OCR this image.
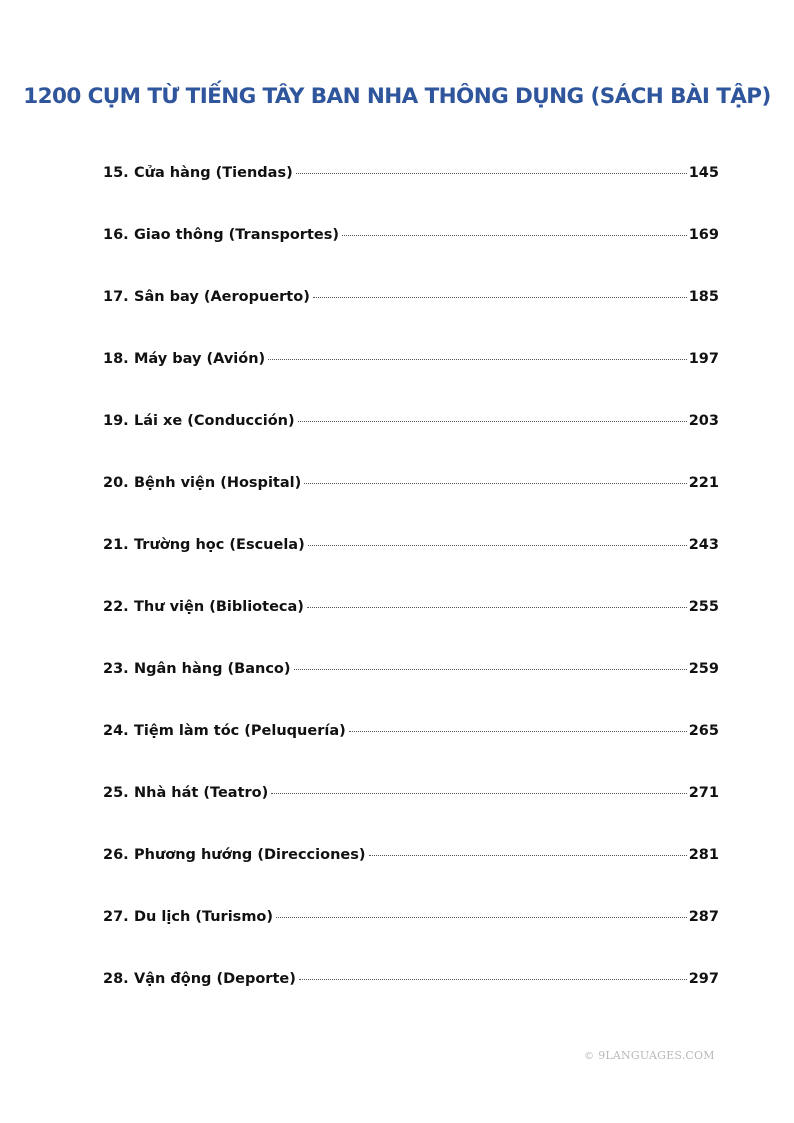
1200 CỤM TỪ TIẾNG TÂY BAN NHA THÔNG DỤNG (SÁCH BÀI TẬP)
15. Cửa hàng (Tiendas)	145
16. Giao thông (Transportes)	169
17. Sân bay (Aeropuerto)	185
18. Máy bay (Avión)	197
19. Lái xe (Conducción)	203
20. Bệnh viện (Hospital)	221
21. Trường học (Escuela)	243
22. Thư viện (Biblioteca)	255
23. Ngân hàng (Banco)	259
24. Tiệm làm tóc (Peluquería)	265
25. Nhà hát (Teatro)	271
26. Phương hướng (Direcciones)	281
27. Du lịch (Turismo)	287
28. Vận động (Deporte)	297
© 9LANGUAGES.COM
